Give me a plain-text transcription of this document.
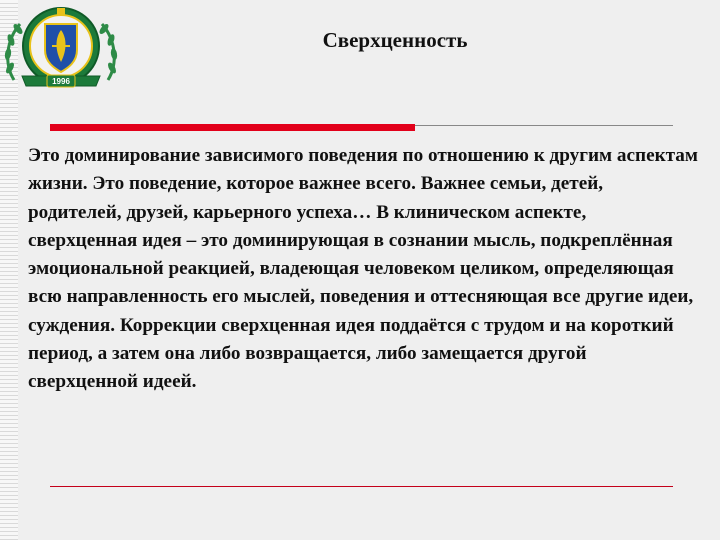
1996
Сверхценность

Это доминирование зависимого поведения по отношению к другим аспектам жизни. Это поведение, которое важнее всего. Важнее семьи, детей, родителей, друзей, карьерного успеха… В клиническом аспекте, сверхценная идея – это доминирующая в сознании мысль, подкреплённая эмоциональной реакцией, владеющая человеком целиком, определяющая всю направленность его мыслей, поведения и оттесняющая все другие идеи, суждения. Коррекции сверхценная идея поддаётся с трудом и на короткий период, а затем она либо возвращается, либо замещается другой сверхценной идеей.
